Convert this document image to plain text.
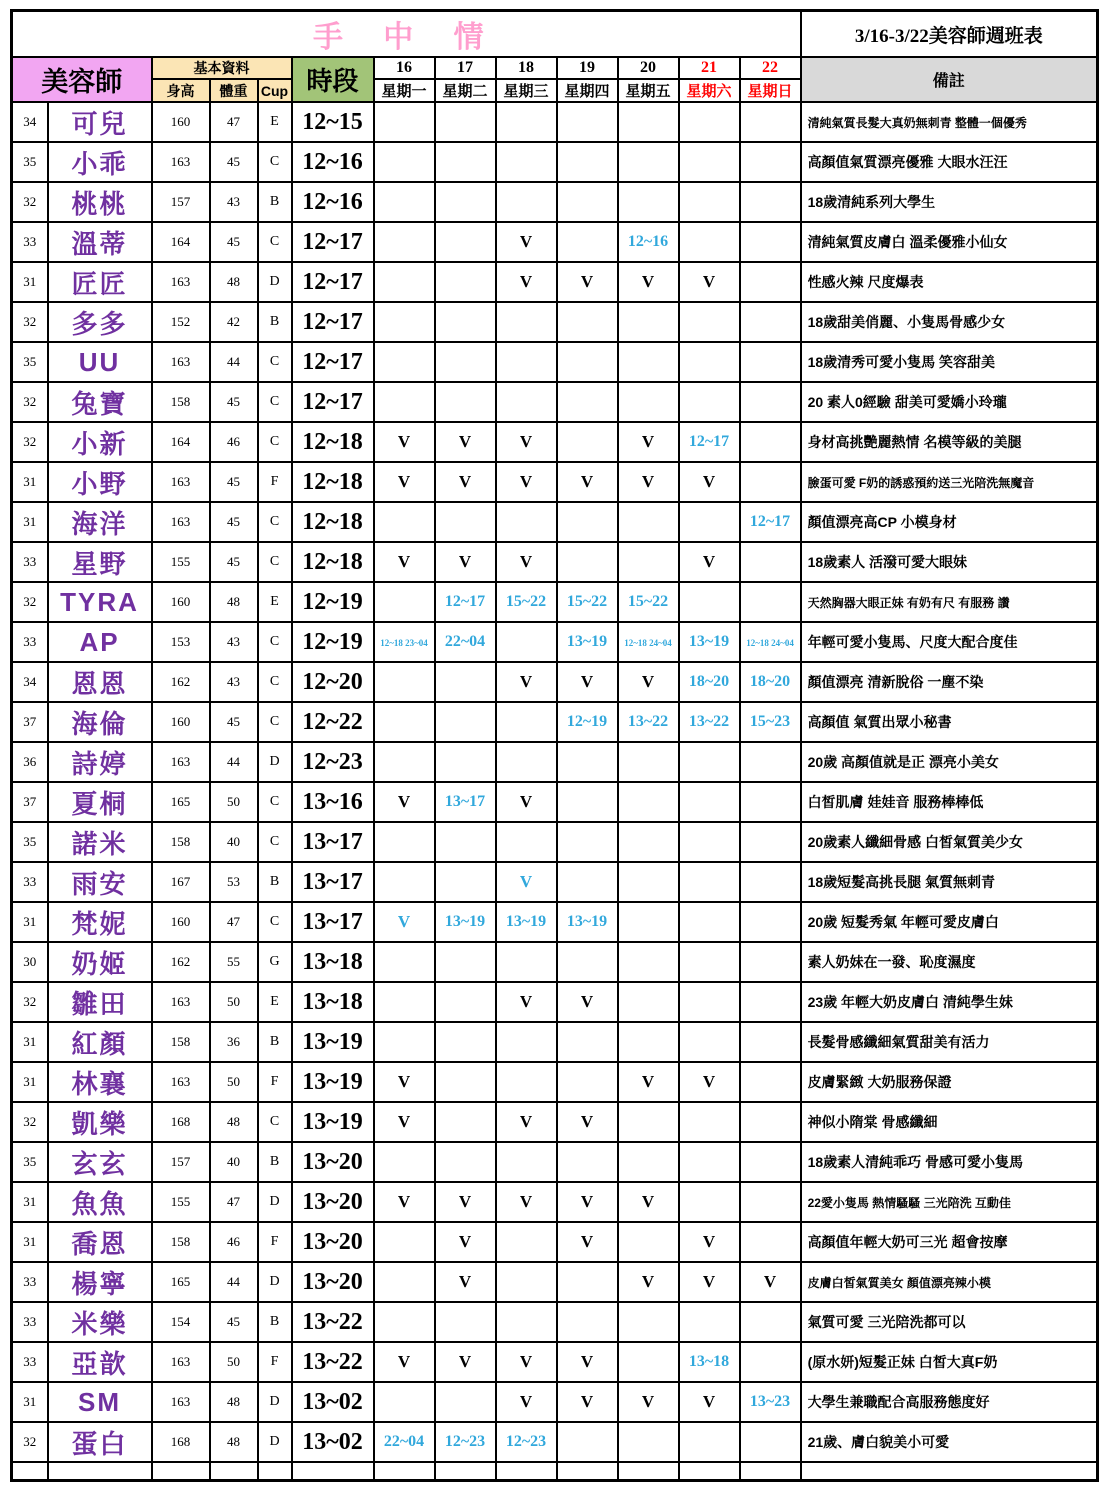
手 中 情													3/16-3/22美容師週班表
美容師		基本資料			時段	16	17	18	19	20	21	22	備註
		身高	體重	Cup		星期一	星期二	星期三	星期四	星期五	星期六	星期日	
34	可兒	160	47	E	12~15								清純氣質長髮大真奶無刺青 整體一個優秀
35	小乖	163	45	C	12~16								高顏值氣質漂亮優雅 大眼水汪汪
32	桃桃	157	43	B	12~16								18歲清純系列大學生
33	溫蒂	164	45	C	12~17			V		12~16			清純氣質皮膚白 溫柔優雅小仙女
31	匠匠	163	48	D	12~17			V	V	V	V		性感火辣 尺度爆表
32	多多	152	42	B	12~17								18歲甜美俏麗、小隻馬骨感少女
35	UU	163	44	C	12~17								18歲清秀可愛小隻馬 笑容甜美
32	兔寶	158	45	C	12~17								20 素人0經驗 甜美可愛嬌小玲瓏
32	小新	164	46	C	12~18	V	V	V		V	12~17		身材高挑艷麗熱情 名模等級的美腿
31	小野	163	45	F	12~18	V	V	V	V	V	V		臉蛋可愛 F奶的誘惑預約送三光陪洗無魔音
31	海洋	163	45	C	12~18							12~17	顏值漂亮高CP 小模身材
33	星野	155	45	C	12~18	V	V	V			V		18歲素人 活潑可愛大眼妹
32	TYRA	160	48	E	12~19		12~17	15~22	15~22	15~22			天然胸器大眼正妹 有奶有尺 有服務 讚
33	AP	153	43	C	12~19	12~18 23~04	22~04		13~19	12~18 24~04	13~19	12~18 24~04	年輕可愛小隻馬、尺度大配合度佳
34	恩恩	162	43	C	12~20			V	V	V	18~20	18~20	顏值漂亮 清新脫俗 一塵不染
37	海倫	160	45	C	12~22				12~19	13~22	13~22	15~23	高顏值 氣質出眾小秘書
36	詩婷	163	44	D	12~23								20歲 高顏值就是正 漂亮小美女
37	夏桐	165	50	C	13~16	V	13~17	V					白皙肌膚 娃娃音 服務棒棒低
35	諾米	158	40	C	13~17								20歲素人纖細骨感 白皙氣質美少女
33	雨安	167	53	B	13~17			V					18歲短髮高挑長腿 氣質無刺青
31	梵妮	160	47	C	13~17	V	13~19	13~19	13~19				20歲 短髮秀氣 年輕可愛皮膚白
30	奶姬	162	55	G	13~18								素人奶妹在一發、恥度濕度
32	雛田	163	50	E	13~18			V	V				23歲 年輕大奶皮膚白 清純學生妹
31	紅顏	158	36	B	13~19								長髮骨感纖細氣質甜美有活力
31	林襄	163	50	F	13~19	V				V	V		皮膚緊緻 大奶服務保證
32	凱樂	168	48	C	13~19	V		V	V				神似小隋棠 骨感纖細
35	玄玄	157	40	B	13~20								18歲素人清純乖巧 骨感可愛小隻馬
31	魚魚	155	47	D	13~20	V	V	V	V	V			22愛小隻馬 熱情騷騷 三光陪洗 互動佳
31	喬恩	158	46	F	13~20		V		V		V		高顏值年輕大奶可三光 超會按摩
33	楊寧	165	44	D	13~20		V			V	V	V	皮膚白皙氣質美女 顏值漂亮辣小模
33	米樂	154	45	B	13~22								氣質可愛 三光陪洗都可以
33	亞歆	163	50	F	13~22	V	V	V	V		13~18		(原水妍)短髮正妹 白皙大真F奶
31	SM	163	48	D	13~02			V	V	V	V	13~23	大學生兼職配合高服務態度好
32	蛋白	168	48	D	13~02	22~04	12~23	12~23					21歲、膚白貌美小可愛
